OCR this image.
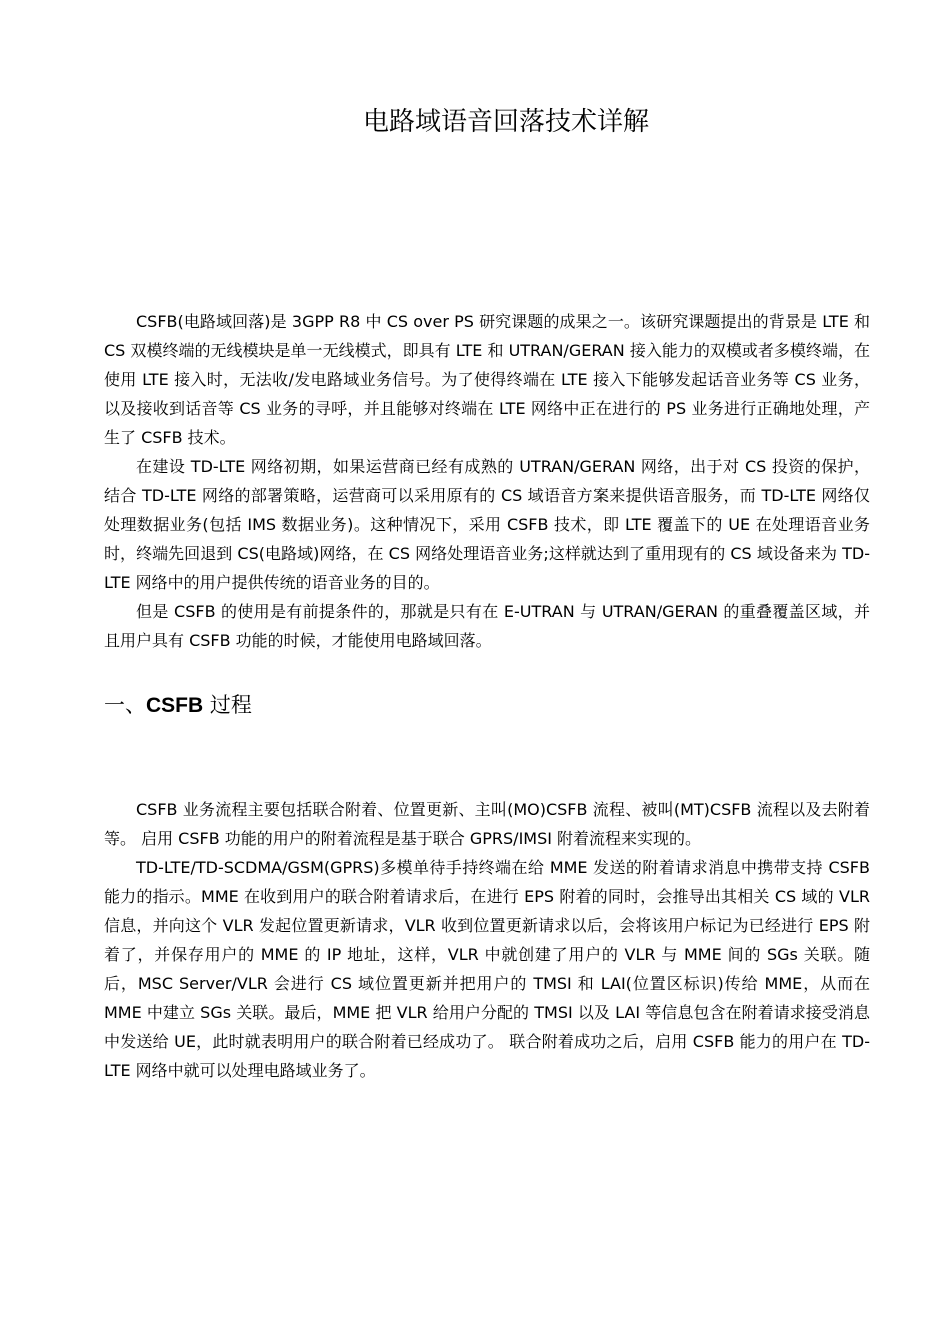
电路域语音回落技术详解

CSFB(电路域回落)是 3GPP R8 中 CS over PS 研究课题的成果之一。该研究课题提出的背景是 LTE 和 CS 双模终端的无线模块是单一无线模式，即具有 LTE 和 UTRAN/GERAN 接入能力的双模或者多模终端，在使用 LTE 接入时，无法收/发电路域业务信号。为了使得终端在 LTE 接入下能够发起话音业务等 CS 业务，以及接收到话音等 CS 业务的寻呼，并且能够对终端在 LTE 网络中正在进行的 PS 业务进行正确地处理，产生了 CSFB 技术。

在建设 TD-LTE 网络初期，如果运营商已经有成熟的 UTRAN/GERAN 网络，出于对 CS 投资的保护，结合 TD-LTE 网络的部署策略，运营商可以采用原有的 CS 域语音方案来提供语音服务，而 TD-LTE 网络仅处理数据业务(包括 IMS 数据业务)。这种情况下，采用 CSFB 技术，即 LTE 覆盖下的 UE 在处理语音业务时，终端先回退到 CS(电路域)网络，在 CS 网络处理语音业务;这样就达到了重用现有的 CS 域设备来为 TD-LTE 网络中的用户提供传统的语音业务的目的。

但是 CSFB 的使用是有前提条件的，那就是只有在 E-UTRAN 与 UTRAN/GERAN 的重叠覆盖区域，并且用户具有 CSFB 功能的时候，才能使用电路域回落。

一、CSFB 过程

CSFB 业务流程主要包括联合附着、位置更新、主叫(MO)CSFB 流程、被叫(MT)CSFB 流程以及去附着等。 启用 CSFB 功能的用户的附着流程是基于联合 GPRS/IMSI 附着流程来实现的。

TD-LTE/TD-SCDMA/GSM(GPRS)多模单待手持终端在给 MME 发送的附着请求消息中携带支持 CSFB 能力的指示。MME 在收到用户的联合附着请求后，在进行 EPS 附着的同时，会推导出其相关 CS 域的 VLR 信息，并向这个 VLR 发起位置更新请求，VLR 收到位置更新请求以后，会将该用户标记为已经进行 EPS 附着了，并保存用户的 MME 的 IP 地址，这样，VLR 中就创建了用户的 VLR 与 MME 间的 SGs 关联。随后，MSC Server/VLR 会进行 CS 域位置更新并把用户的 TMSI 和 LAI(位置区标识)传给 MME，从而在 MME 中建立 SGs 关联。最后，MME 把 VLR 给用户分配的 TMSI 以及 LAI 等信息包含在附着请求接受消息中发送给 UE，此时就表明用户的联合附着已经成功了。 联合附着成功之后，启用 CSFB 能力的用户在 TD-LTE 网络中就可以处理电路域业务了。
